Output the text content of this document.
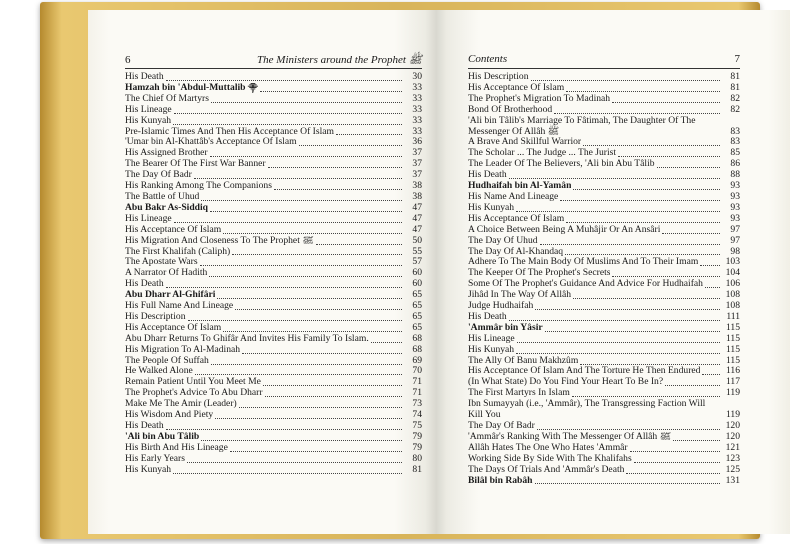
6	The Ministers around the Prophet ﷺ
His Death	30
Hamzah bin 'Abdul-Muttalib ⸎	33
The Chief Of Martyrs	33
His Lineage	33
His Kunyah	33
Pre-Islamic Times And Then His Acceptance Of Islam	33
'Umar bin Al-Khattâb's Acceptance Of Islam	36
His Assigned Brother	37
The Bearer Of The First War Banner	37
The Day Of Badr	37
His Ranking Among The Companions	38
The Battle of Uhud	38
Abu Bakr As-Siddiq	47
His Lineage	47
His Acceptance Of Islam	47
His Migration And Closeness To The Prophet ﷺ	50
The First Khalifah (Caliph)	55
The Apostate Wars	57
A Narrator Of Hadith	60
His Death	60
Abu Dharr Al-Ghifâri	65
His Full Name And Lineage	65
His Description	65
His Acceptance Of Islam	65
Abu Dharr Returns To Ghifâr And Invites His Family To Islam.	68
His Migration To Al-Madinah	68
The People Of Suffah	69
He Walked Alone	70
Remain Patient Until You Meet Me	71
The Prophet's Advice To Abu Dharr	71
Make Me The Amir (Leader)	73
His Wisdom And Piety	74
His Death	75
'Ali bin Abu Tâlib	79
His Birth And His Lineage	79
His Early Years	80
His Kunyah	81
Contents	7
His Description	81
His Acceptance Of Islam	81
The Prophet's Migration To Madinah	82
Bond Of Brotherhood	82
'Ali bin Tâlib's Marriage To Fâtimah, The Daughter Of The Messenger Of Allâh ﷺ	83
A Brave And Skillful Warrior	83
The Scholar ... The Judge ... The Jurist	85
The Leader Of The Believers, 'Ali bin Abu Tâlib	86
His Death	88
Hudhaifah bin Al-Yamân	93
His Name And Lineage	93
His Kunyah	93
His Acceptance Of Islam	93
A Choice Between Being A Muhâjir Or An Ansâri	97
The Day Of Uhud	97
The Day Of Al-Khandaq	98
Adhere To The Main Body Of Muslims And To Their Imam	103
The Keeper Of The Prophet's Secrets	104
Some Of The Prophet's Guidance And Advice For Hudhaifah	106
Jihâd In The Way Of Allâh	108
Judge Hudhaifah	108
His Death	111
'Ammâr bin Yâsir	115
His Lineage	115
His Kunyah	115
The Ally Of Banu Makhzûm	115
His Acceptance Of Islam And The Torture He Then Endured	116
(In What State) Do You Find Your Heart To Be In?	117
The First Martyrs In Islam	119
Ibn Sumayyah (i.e., 'Ammâr), The Transgressing Faction Will Kill You	119
The Day Of Badr	120
'Ammâr's Ranking With The Messenger Of Allâh ﷺ	120
Allâh Hates The One Who Hates 'Ammâr	121
Working Side By Side With The Khalifahs	123
The Days Of Trials And 'Ammâr's Death	125
Bilâl bin Rabâh	131
